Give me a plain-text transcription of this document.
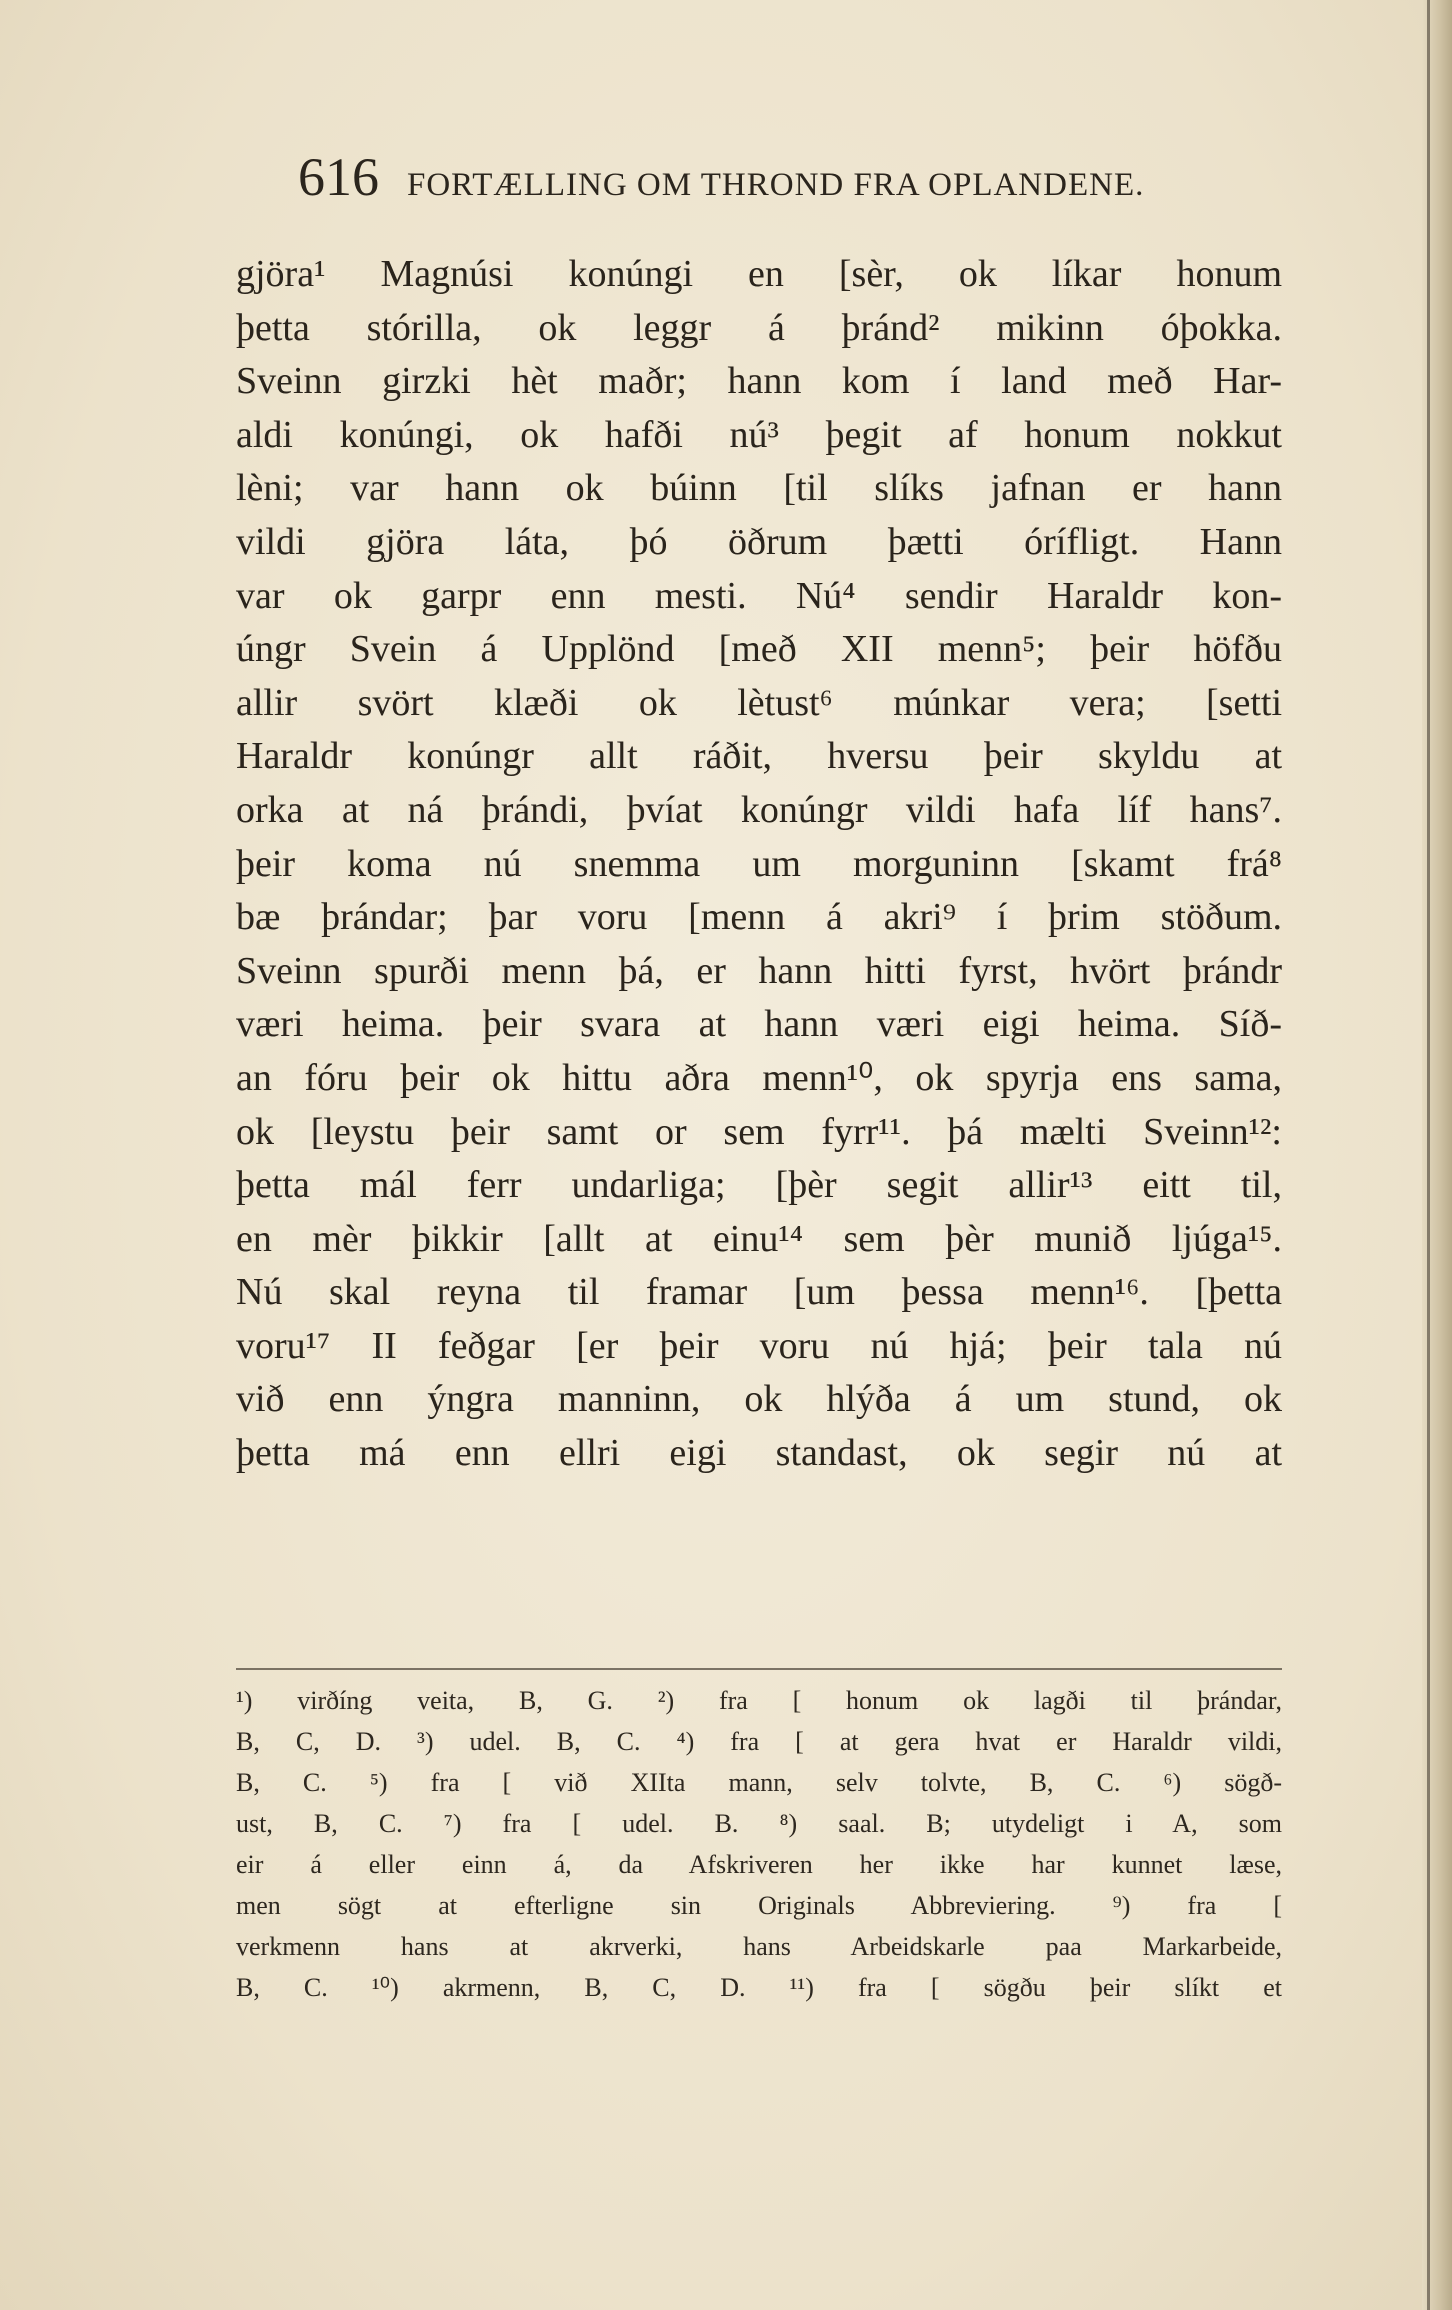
616 FORTÆLLING OM THROND FRA OPLANDENE.
gjöra¹ Magnúsi konúngi en [sèr, ok líkar honum
þetta stórilla, ok leggr á þránd² mikinn óþokka.
Sveinn girzki hèt maðr; hann kom í land með Har-
aldi konúngi, ok hafði nú³ þegit af honum nokkut
lèni; var hann ok búinn [til slíks jafnan er hann
vildi gjöra láta, þó öðrum þætti órífligt. Hann
var ok garpr enn mesti. Nú⁴ sendir Haraldr kon-
úngr Svein á Upplönd [með XII menn⁵; þeir höfðu
allir svört klæði ok lètust⁶ múnkar vera; [setti
Haraldr konúngr allt ráðit, hversu þeir skyldu at
orka at ná þrándi, þvíat konúngr vildi hafa líf hans⁷.
þeir koma nú snemma um morguninn [skamt frá⁸
bæ þrándar; þar voru [menn á akri⁹ í þrim stöðum.
Sveinn spurði menn þá, er hann hitti fyrst, hvört þrándr
væri heima. þeir svara at hann væri eigi heima. Síð-
an fóru þeir ok hittu aðra menn¹⁰, ok spyrja ens sama,
ok [leystu þeir samt or sem fyrr¹¹. þá mælti Sveinn¹²:
þetta mál ferr undarliga; [þèr segit allir¹³ eitt til,
en mèr þikkir [allt at einu¹⁴ sem þèr munið ljúga¹⁵.
Nú skal reyna til framar [um þessa menn¹⁶. [þetta
voru¹⁷ II feðgar [er þeir voru nú hjá; þeir tala nú
við enn ýngra manninn, ok hlýða á um stund, ok
þetta má enn ellri eigi standast, ok segir nú at
¹) virðíng veita, B, G. ²) fra [ honum ok lagði til þrándar,
B, C, D. ³) udel. B, C. ⁴) fra [ at gera hvat er Haraldr vildi,
B, C. ⁵) fra [ við XIIta mann, selv tolvte, B, C. ⁶) sögð-
ust, B, C. ⁷) fra [ udel. B. ⁸) saal. B; utydeligt i A, som
eir á eller einn á, da Afskriveren her ikke har kunnet læse,
men sögt at efterligne sin Originals Abbreviering. ⁹) fra [
verkmenn hans at akrverki, hans Arbeidskarle paa Markarbeide,
B, C. ¹⁰) akrmenn, B, C, D. ¹¹) fra [ sögðu þeir slíkt et
